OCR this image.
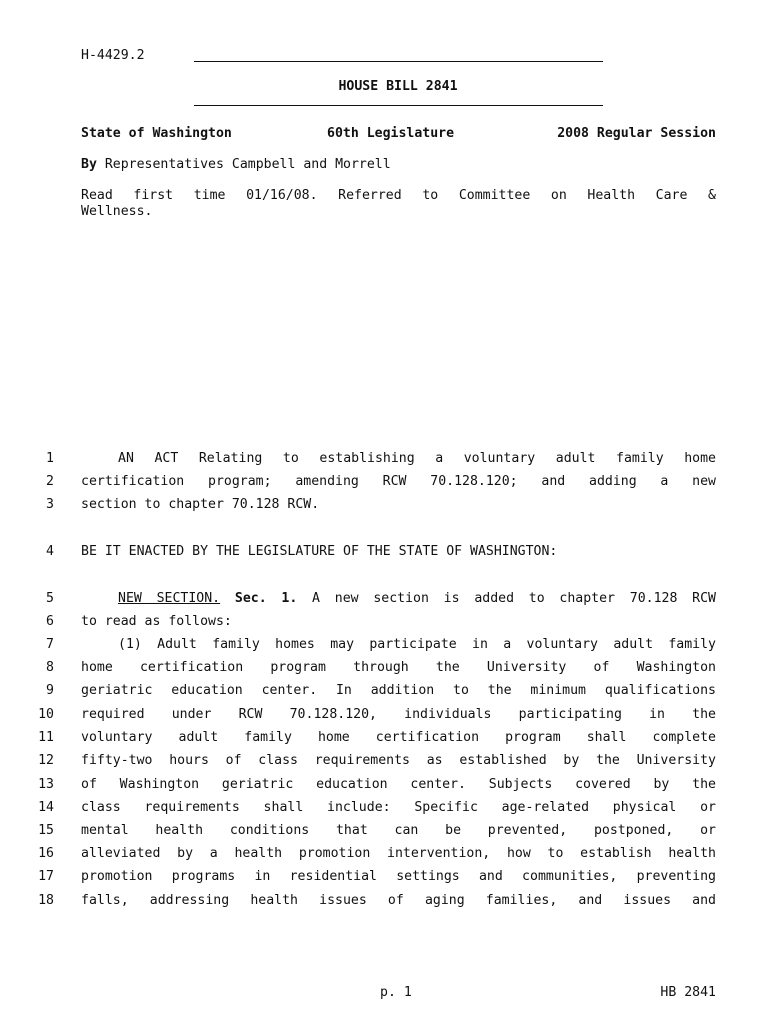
H-4429.2
HOUSE BILL 2841
State of Washington	60th Legislature	2008 Regular Session
By Representatives Campbell and Morrell
Read first time 01/16/08. Referred to Committee on Health Care &
Wellness.
1
2
3
4
5
6
7
8
9
10
11
12
13
14
15
16
17
18
AN ACT Relating to establishing a voluntary adult family home
certification program; amending RCW 70.128.120; and adding a new
section to chapter 70.128 RCW.
BE IT ENACTED BY THE LEGISLATURE OF THE STATE OF WASHINGTON:
NEW SECTION. Sec. 1. A new section is added to chapter 70.128 RCW
to read as follows:
(1) Adult family homes may participate in a voluntary adult family
home certification program through the University of Washington
geriatric education center. In addition to the minimum qualifications
required under RCW 70.128.120, individuals participating in the
voluntary adult family home certification program shall complete
fifty-two hours of class requirements as established by the University
of Washington geriatric education center. Subjects covered by the
class requirements shall include: Specific age-related physical or
mental health conditions that can be prevented, postponed, or
alleviated by a health promotion intervention, how to establish health
promotion programs in residential settings and communities, preventing
falls, addressing health issues of aging families, and issues and
p. 1	HB 2841
